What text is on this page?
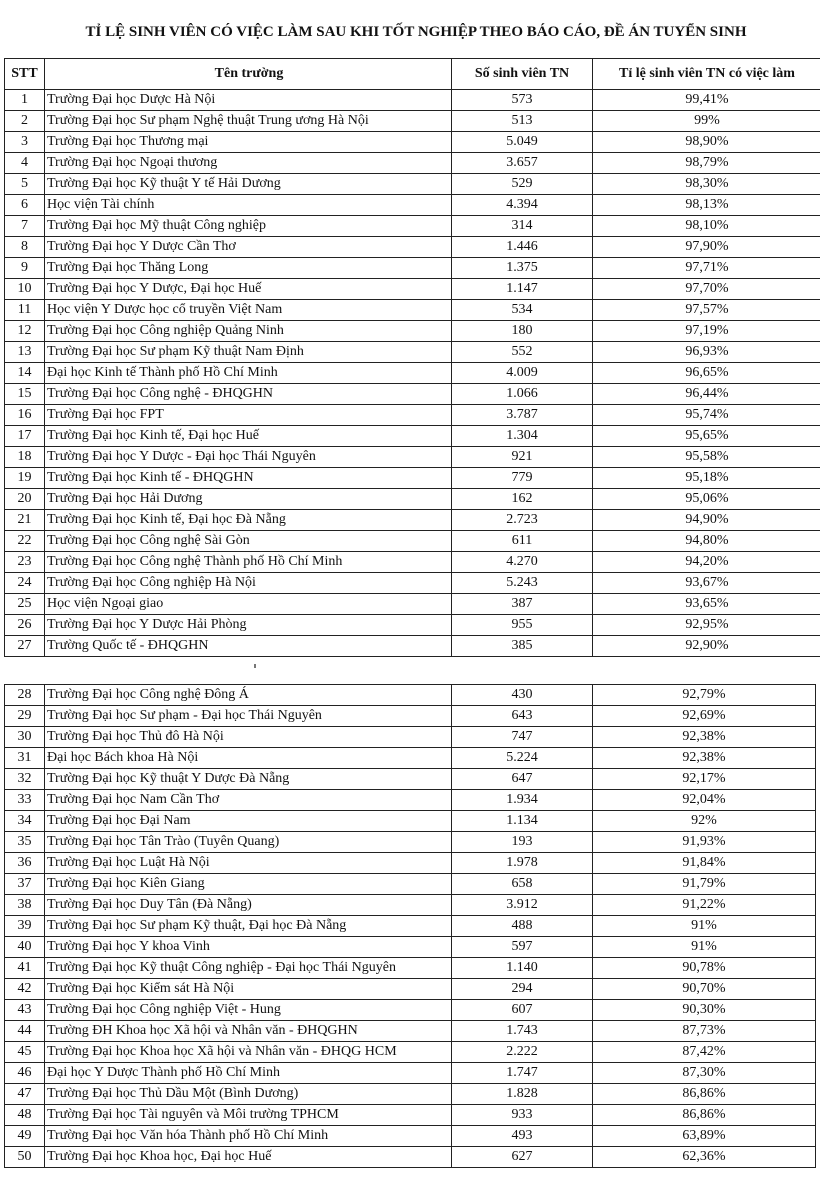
TỈ LỆ SINH VIÊN CÓ VIỆC LÀM SAU KHI TỐT NGHIỆP THEO BÁO CÁO, ĐỀ ÁN TUYỂN SINH
STT	Tên trường	Số sinh viên TN	Tỉ lệ sinh viên TN có việc làm
1	Trường Đại học Dược Hà Nội	573	99,41%
2	Trường Đại học Sư phạm Nghệ thuật Trung ương Hà Nội	513	99%
3	Trường Đại học Thương mại	5.049	98,90%
4	Trường Đại học Ngoại thương	3.657	98,79%
5	Trường Đại học Kỹ thuật Y tế Hải Dương	529	98,30%
6	Học viện Tài chính	4.394	98,13%
7	Trường Đại học Mỹ thuật Công nghiệp	314	98,10%
8	Trường Đại học Y Dược Cần Thơ	1.446	97,90%
9	Trường Đại học Thăng Long	1.375	97,71%
10	Trường Đại học Y Dược, Đại học Huế	1.147	97,70%
11	Học viện Y Dược học cổ truyền Việt Nam	534	97,57%
12	Trường Đại học Công nghiệp Quảng Ninh	180	97,19%
13	Trường Đại học Sư phạm Kỹ thuật Nam Định	552	96,93%
14	Đại học Kinh tế Thành phố Hồ Chí Minh	4.009	96,65%
15	Trường Đại học Công nghệ - ĐHQGHN	1.066	96,44%
16	Trường Đại học FPT	3.787	95,74%
17	Trường Đại học Kinh tế, Đại học Huế	1.304	95,65%
18	Trường Đại học Y Dược - Đại học Thái Nguyên	921	95,58%
19	Trường Đại học Kinh tế - ĐHQGHN	779	95,18%
20	Trường Đại học Hải Dương	162	95,06%
21	Trường Đại học Kinh tế, Đại học Đà Nẵng	2.723	94,90%
22	Trường Đại học Công nghệ Sài Gòn	611	94,80%
23	Trường Đại học Công nghệ Thành phố Hồ Chí Minh	4.270	94,20%
24	Trường Đại học Công nghiệp Hà Nội	5.243	93,67%
25	Học viện Ngoại giao	387	93,65%
26	Trường Đại học Y Dược Hải Phòng	955	92,95%
27	Trường Quốc tế - ĐHQGHN	385	92,90%
28	Trường Đại học Công nghệ Đông Á	430	92,79%
29	Trường Đại học Sư phạm - Đại học Thái Nguyên	643	92,69%
30	Trường Đại học Thủ đô Hà Nội	747	92,38%
31	Đại học Bách khoa Hà Nội	5.224	92,38%
32	Trường Đại học Kỹ thuật Y Dược Đà Nẵng	647	92,17%
33	Trường Đại học Nam Cần Thơ	1.934	92,04%
34	Trường Đại học Đại Nam	1.134	92%
35	Trường Đại học Tân Trào (Tuyên Quang)	193	91,93%
36	Trường Đại học Luật Hà Nội	1.978	91,84%
37	Trường Đại học Kiên Giang	658	91,79%
38	Trường Đại học Duy Tân (Đà Nẵng)	3.912	91,22%
39	Trường Đại học Sư phạm Kỹ thuật, Đại học Đà Nẵng	488	91%
40	Trường Đại học Y khoa Vinh	597	91%
41	Trường Đại học Kỹ thuật Công nghiệp - Đại học Thái Nguyên	1.140	90,78%
42	Trường Đại học Kiểm sát Hà Nội	294	90,70%
43	Trường Đại học Công nghiệp Việt - Hung	607	90,30%
44	Trường ĐH Khoa học Xã hội và Nhân văn - ĐHQGHN	1.743	87,73%
45	Trường Đại học Khoa học Xã hội và Nhân văn - ĐHQG HCM	2.222	87,42%
46	Đại học Y Dược Thành phố Hồ Chí Minh	1.747	87,30%
47	Trường Đại học Thủ Dầu Một (Bình Dương)	1.828	86,86%
48	Trường Đại học Tài nguyên và Môi trường TPHCM	933	86,86%
49	Trường Đại học Văn hóa Thành phố Hồ Chí Minh	493	63,89%
50	Trường Đại học Khoa học, Đại học Huế	627	62,36%
